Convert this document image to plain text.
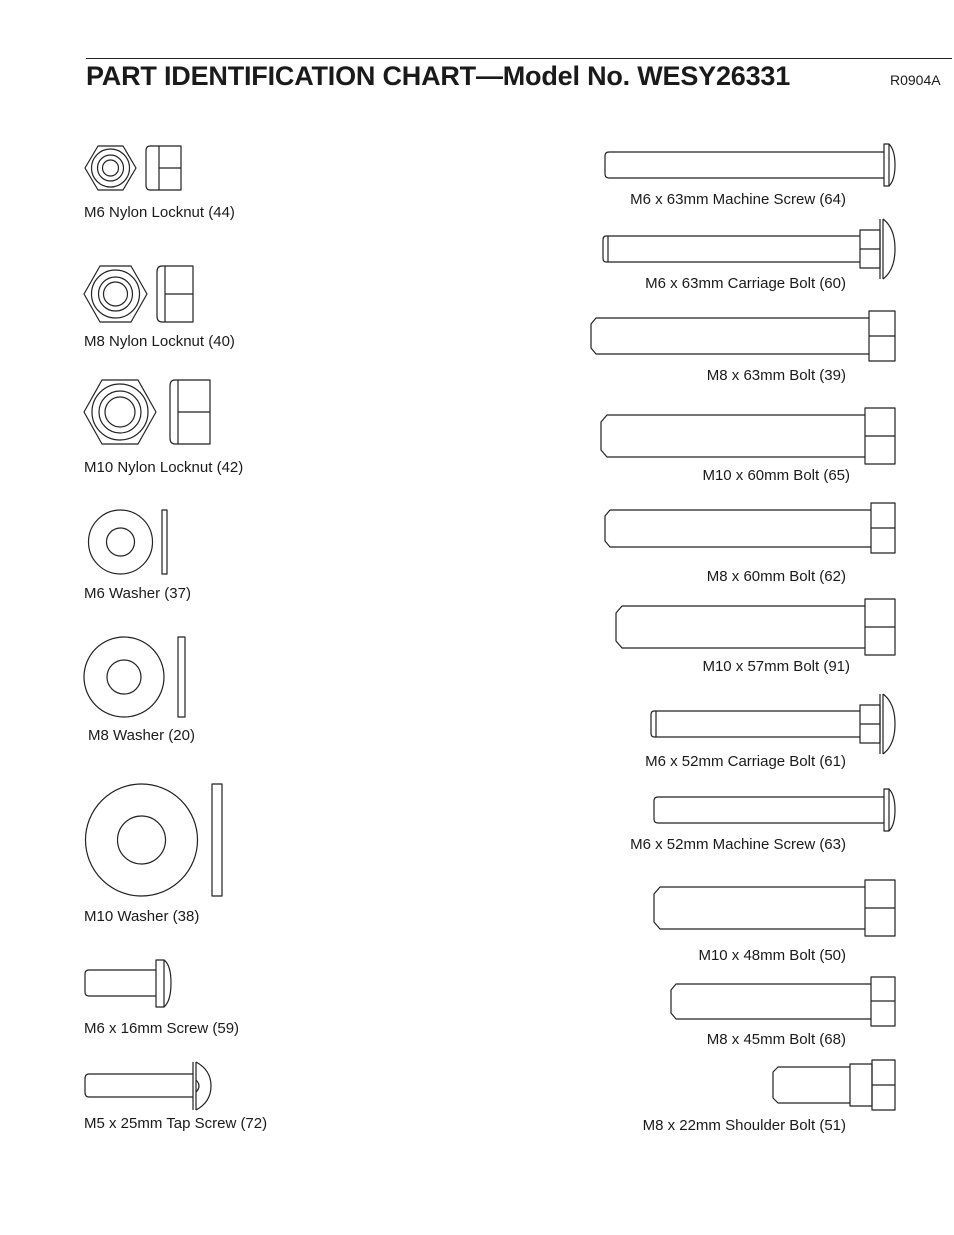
PART IDENTIFICATION CHART—Model No. WESY26331	R0904A
M6 Nylon Locknut (44)
M8 Nylon Locknut (40)
M10 Nylon Locknut (42)
M6 Washer (37)
M8 Washer (20)
M10 Washer (38)
M6 x 16mm Screw (59)
M5 x 25mm Tap Screw (72)
M6 x 63mm Machine Screw (64)
M6 x 63mm Carriage Bolt (60)
M8 x 63mm Bolt (39)
M10 x 60mm Bolt (65)
M8 x 60mm Bolt (62)
M10 x 57mm Bolt (91)
M6 x 52mm Carriage Bolt (61)
M6 x 52mm Machine Screw (63)
M10 x 48mm Bolt (50)
M8 x 45mm Bolt (68)
M8 x 22mm Shoulder Bolt (51)
